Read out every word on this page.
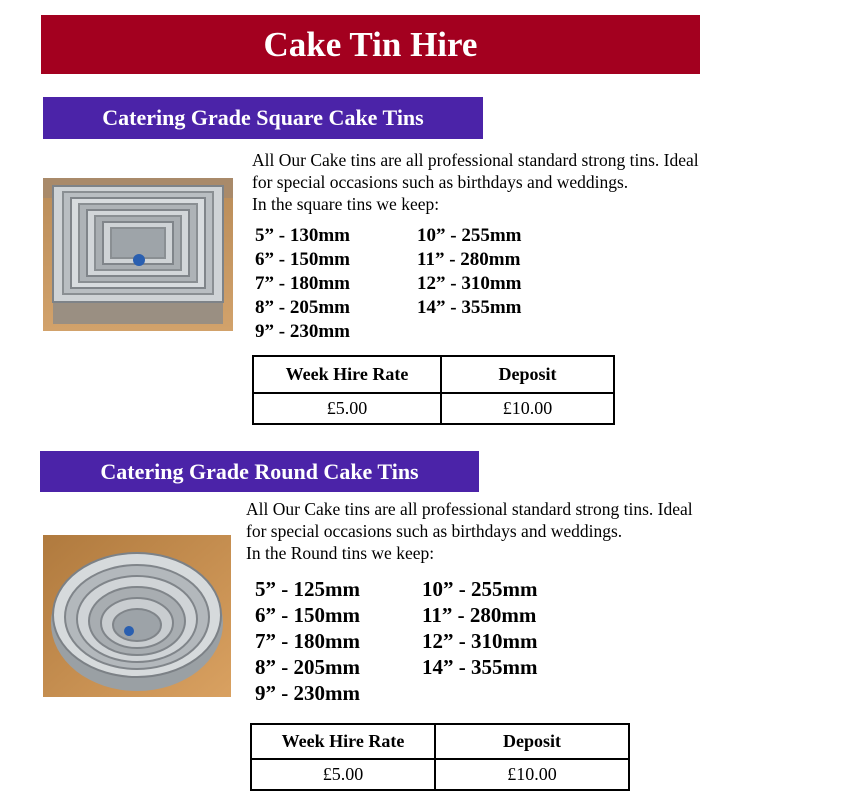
Cake Tin Hire
Catering Grade Square Cake Tins
All Our Cake tins are all professional standard strong tins. Ideal
for special occasions such as birthdays and weddings.
In the square tins we keep:
5” - 130mm	10” - 255mm
6” - 150mm	11” - 280mm
7” - 180mm	12” - 310mm
8” - 205mm	14” - 355mm
9” - 230mm
Week Hire Rate	Deposit
£5.00	£10.00
Catering Grade Round Cake Tins
All Our Cake tins are all professional standard strong tins. Ideal
for special occasions such as birthdays and weddings.
In the Round tins we keep:
5” - 125mm	10” - 255mm
6” - 150mm	11” - 280mm
7” - 180mm	12” - 310mm
8” - 205mm	14” - 355mm
9” - 230mm
Week Hire Rate	Deposit
£5.00	£10.00
